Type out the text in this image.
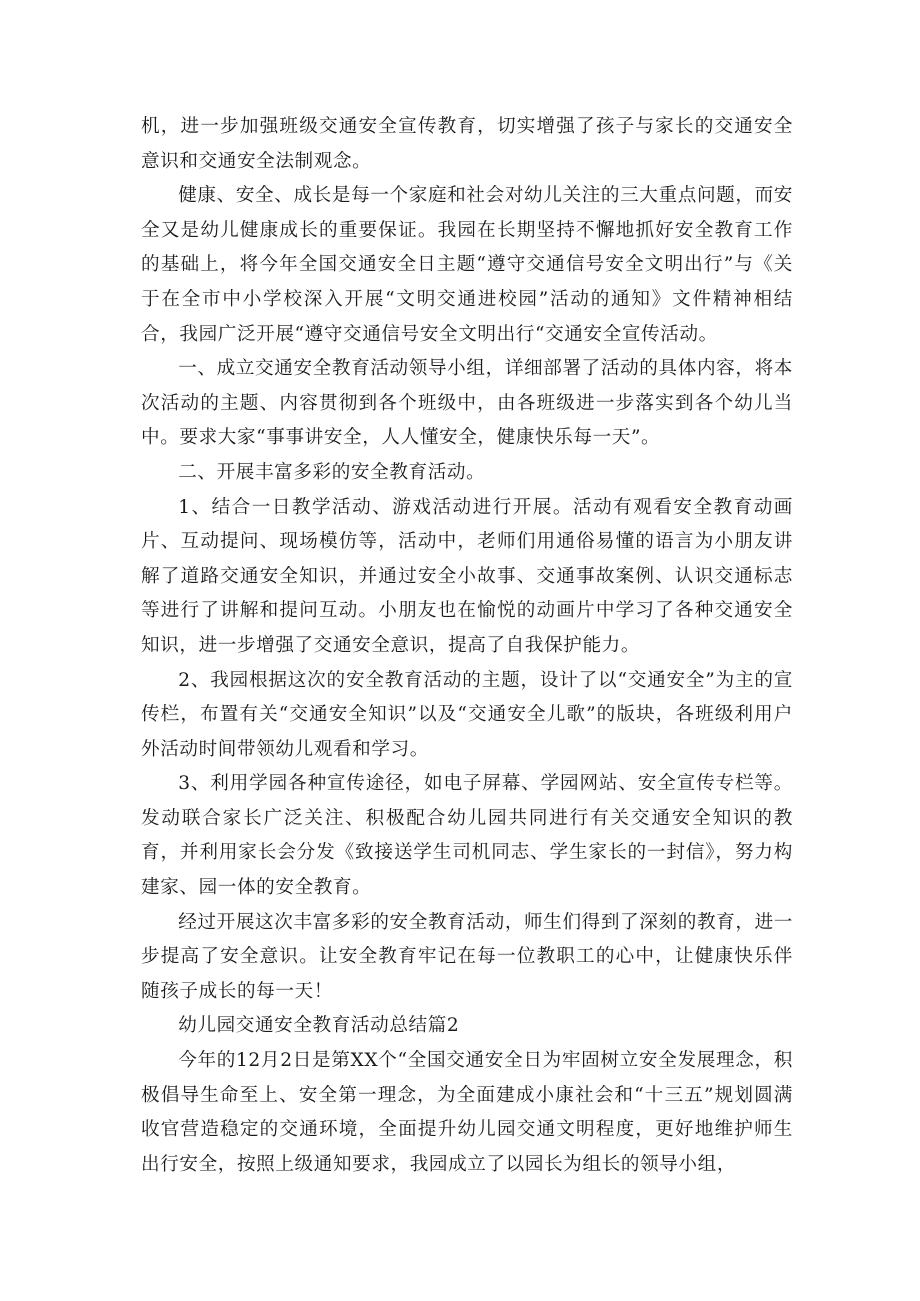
机，进一步加强班级交通安全宣传教育，切实增强了孩子与家长的交通安全意识和交通安全法制观念。

健康、安全、成长是每一个家庭和社会对幼儿关注的三大重点问题，而安全又是幼儿健康成长的重要保证。我园在长期坚持不懈地抓好安全教育工作的基础上，将今年全国交通安全日主题“遵守交通信号安全文明出行”与《关于在全市中小学校深入开展“文明交通进校园”活动的通知》文件精神相结合，我园广泛开展“遵守交通信号安全文明出行“交通安全宣传活动。

一、成立交通安全教育活动领导小组，详细部署了活动的具体内容，将本次活动的主题、内容贯彻到各个班级中，由各班级进一步落实到各个幼儿当中。要求大家“事事讲安全，人人懂安全，健康快乐每一天”。

二、开展丰富多彩的安全教育活动。

1、结合一日教学活动、游戏活动进行开展。活动有观看安全教育动画片、互动提问、现场模仿等，活动中，老师们用通俗易懂的语言为小朋友讲解了道路交通安全知识，并通过安全小故事、交通事故案例、认识交通标志等进行了讲解和提问互动。小朋友也在愉悦的动画片中学习了各种交通安全知识，进一步增强了交通安全意识，提高了自我保护能力。

2、我园根据这次的安全教育活动的主题，设计了以“交通安全”为主的宣传栏，布置有关“交通安全知识”以及“交通安全儿歌”的版块，各班级利用户外活动时间带领幼儿观看和学习。

3、利用学园各种宣传途径，如电子屏幕、学园网站、安全宣传专栏等。发动联合家长广泛关注、积极配合幼儿园共同进行有关交通安全知识的教育，并利用家长会分发《致接送学生司机同志、学生家长的一封信》，努力构建家、园一体的安全教育。

经过开展这次丰富多彩的安全教育活动，师生们得到了深刻的教育，进一步提高了安全意识。让安全教育牢记在每一位教职工的心中，让健康快乐伴随孩子成长的每一天！

幼儿园交通安全教育活动总结篇2

今年的12月2日是第XX个“全国交通安全日为牢固树立安全发展理念，积极倡导生命至上、安全第一理念，为全面建成小康社会和“十三五”规划圆满收官营造稳定的交通环境，全面提升幼儿园交通文明程度，更好地维护师生出行安全，按照上级通知要求，我园成立了以园长为组长的领导小组，
